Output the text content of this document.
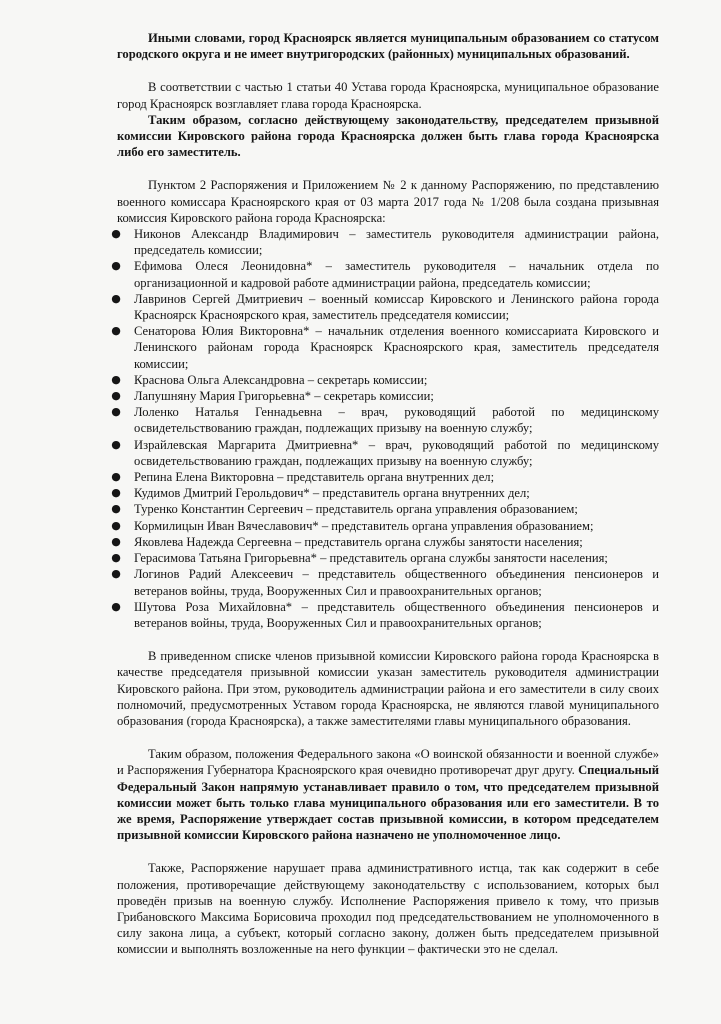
Иными словами, город Красноярск является муниципальным образованием со статусом городского округа и не имеет внутригородских (районных) муниципальных образований.

В соответствии с частью 1 статьи 40 Устава города Красноярска, муниципальное образование город Красноярск возглавляет глава города Красноярска.

Таким образом, согласно действующему законодательству, председателем призывной комиссии Кировского района города Красноярска должен быть глава города Красноярска либо его заместитель.

Пунктом 2 Распоряжения и Приложением № 2 к данному Распоряжению, по представлению военного комиссара Красноярского края от 03 марта 2017 года № 1/208 была создана призывная комиссия Кировского района города Красноярска:

● Никонов Александр Владимирович – заместитель руководителя администрации района, председатель комиссии;
● Ефимова Олеся Леонидовна* – заместитель руководителя – начальник отдела по организационной и кадровой работе администрации района, председатель комиссии;
● Лавринов Сергей Дмитриевич – военный комиссар Кировского и Ленинского района города Красноярск Красноярского края, заместитель председателя комиссии;
● Сенаторова Юлия Викторовна* – начальник отделения военного комиссариата Кировского и Ленинского районам города Красноярск Красноярского края, заместитель председателя комиссии;
● Краснова Ольга Александровна – секретарь комиссии;
● Лапушняну Мария Григорьевна* – секретарь комиссии;
● Лоленко Наталья Геннадьевна – врач, руководящий работой по медицинскому освидетельствованию граждан, подлежащих призыву на военную службу;
● Израйлевская Маргарита Дмитриевна* – врач, руководящий работой по медицинскому освидетельствованию граждан, подлежащих призыву на военную службу;
● Репина Елена Викторовна – представитель органа внутренних дел;
● Кудимов Дмитрий Герольдович* – представитель органа внутренних дел;
● Туренко Константин Сергеевич – представитель органа управления образованием;
● Кормилицын Иван Вячеславович* – представитель органа управления образованием;
● Яковлева Надежда Сергеевна – представитель органа службы занятости населения;
● Герасимова Татьяна Григорьевна* – представитель органа службы занятости населения;
● Логинов Радий Алексеевич – представитель общественного объединения пенсионеров и ветеранов войны, труда, Вооруженных Сил и правоохранительных органов;
● Шутова Роза Михайловна* – представитель общественного объединения пенсионеров и ветеранов войны, труда, Вооруженных Сил и правоохранительных органов;

В приведенном списке членов призывной комиссии Кировского района города Красноярска в качестве председателя призывной комиссии указан заместитель руководителя администрации Кировского района. При этом, руководитель администрации района и его заместители в силу своих полномочий, предусмотренных Уставом города Красноярска, не являются главой муниципального образования (города Красноярска), а также заместителями главы муниципального образования.

Таким образом, положения Федерального закона «О воинской обязанности и военной службе» и Распоряжения Губернатора Красноярского края очевидно противоречат друг другу. Специальный Федеральный Закон напрямую устанавливает правило о том, что председателем призывной комиссии может быть только глава муниципального образования или его заместители. В то же время, Распоряжение утверждает состав призывной комиссии, в котором председателем призывной комиссии Кировского района назначено не уполномоченное лицо.

Также, Распоряжение нарушает права административного истца, так как содержит в себе положения, противоречащие действующему законодательству с использованием, которых был проведён призыв на военную службу. Исполнение Распоряжения привело к тому, что призыв Грибановского Максима Борисовича проходил под председательствованием не уполномоченного в силу закона лица, а субъект, который согласно закону, должен быть председателем призывной комиссии и выполнять возложенные на него функции – фактически это не сделал.
